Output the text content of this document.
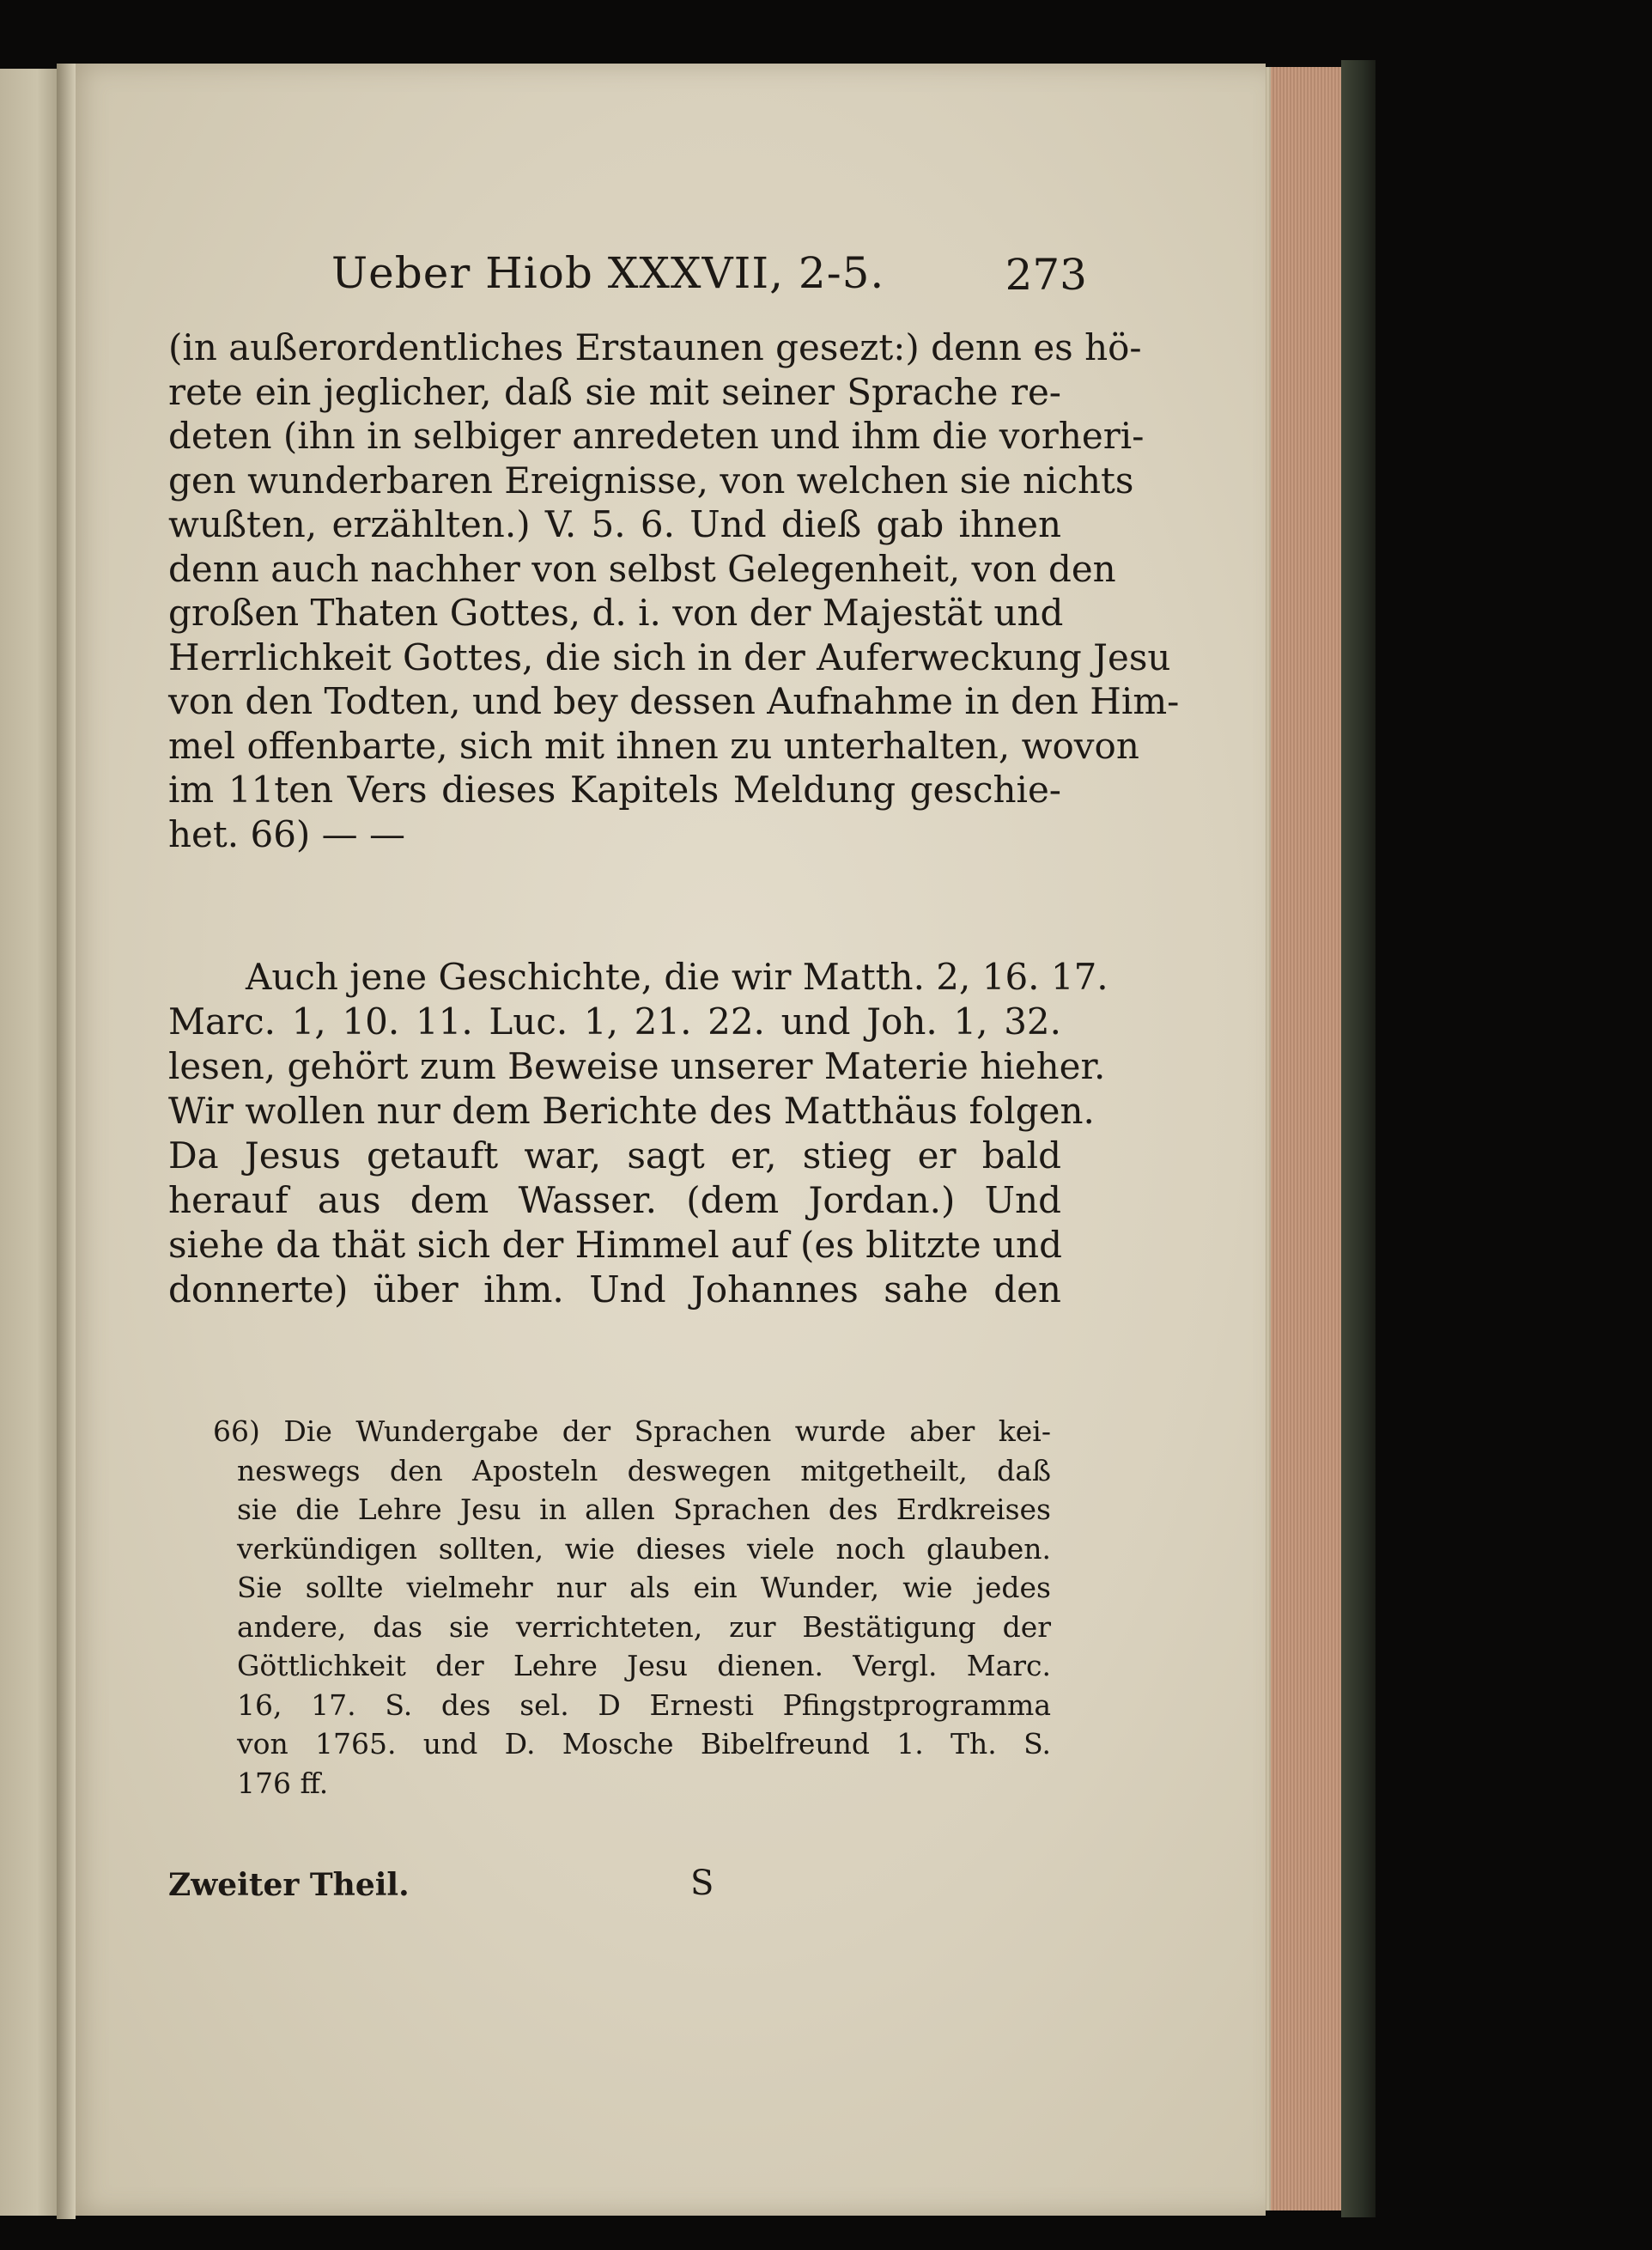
Ueber Hiob XXXVII, 2-5.	273
(in außerordentliches Erstaunen gesezt:) denn es hö-
rete ein jeglicher, daß sie mit seiner Sprache re-
deten (ihn in selbiger anredeten und ihm die vorheri-
gen wunderbaren Ereignisse, von welchen sie nichts
wußten, erzählten.) V. 5. 6. Und dieß gab ihnen
denn auch nachher von selbst Gelegenheit, von den
großen Thaten Gottes, d. i. von der Majestät und
Herrlichkeit Gottes, die sich in der Auferweckung Jesu
von den Todten, und bey dessen Aufnahme in den Him-
mel offenbarte, sich mit ihnen zu unterhalten, wovon
im 11ten Vers dieses Kapitels Meldung geschie-
het. 66) — —
Auch jene Geschichte, die wir Matth. 2, 16. 17.
Marc. 1, 10. 11. Luc. 1, 21. 22. und Joh. 1, 32.
lesen, gehört zum Beweise unserer Materie hieher.
Wir wollen nur dem Berichte des Matthäus folgen.
Da Jesus getauft war, sagt er, stieg er bald
herauf aus dem Wasser. (dem Jordan.) Und
siehe da thät sich der Himmel auf (es blitzte und
donnerte) über ihm. Und Johannes sahe den
66) Die Wundergabe der Sprachen wurde aber kei-
neswegs den Aposteln deswegen mitgetheilt, daß
sie die Lehre Jesu in allen Sprachen des Erdkreises
verkündigen sollten, wie dieses viele noch glauben.
Sie sollte vielmehr nur als ein Wunder, wie jedes
andere, das sie verrichteten, zur Bestätigung der
Göttlichkeit der Lehre Jesu dienen. Vergl. Marc.
16, 17. S. des sel. D Ernesti Pfingstprogramma
von 1765. und D. Mosche Bibelfreund 1. Th. S.
176 ff.
Zweiter Theil.	S
